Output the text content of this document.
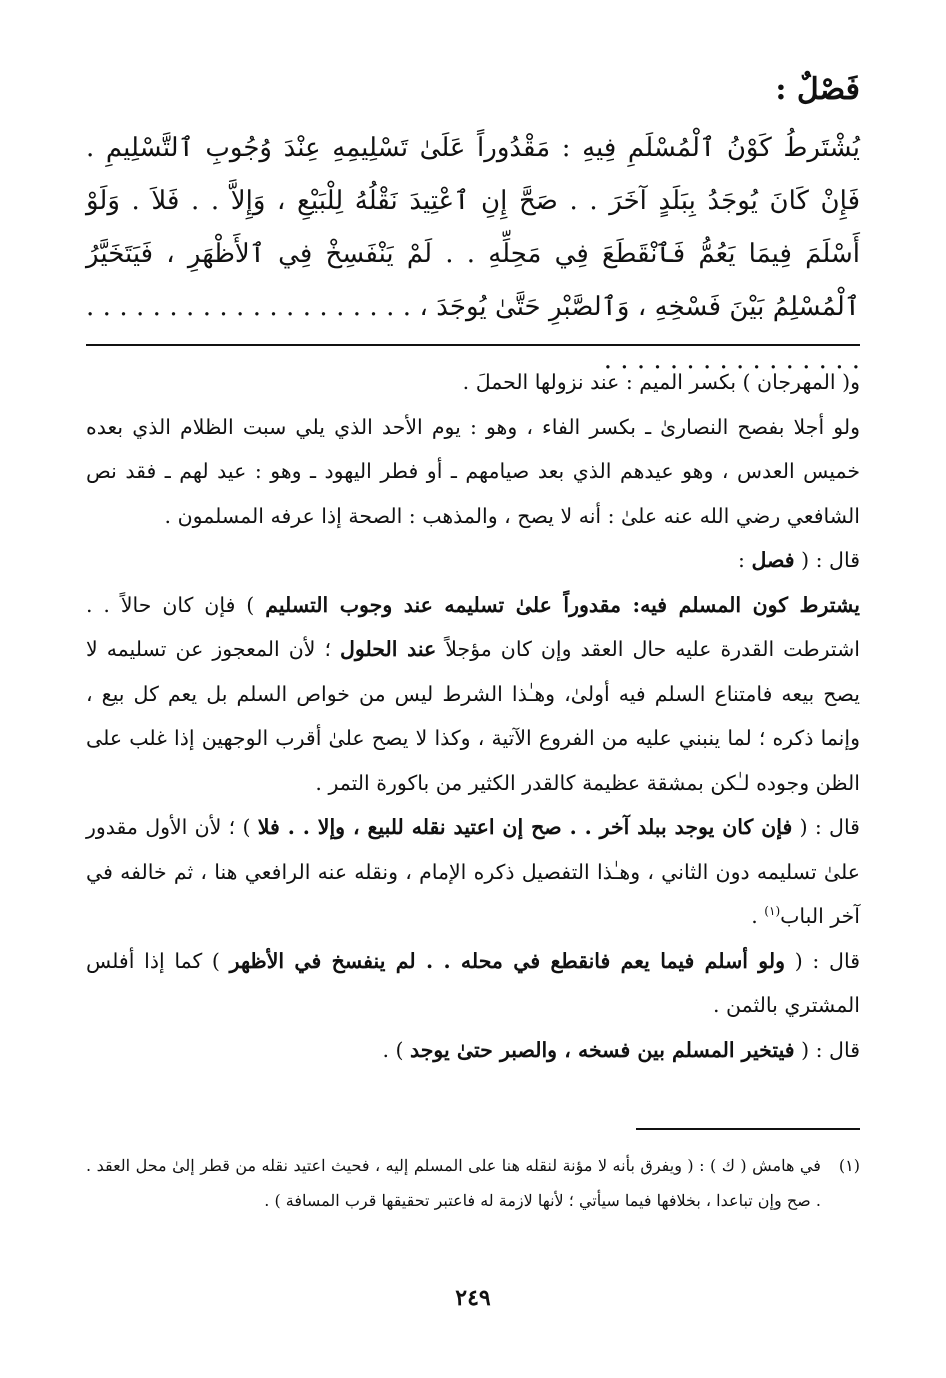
فَصْلٌ :

يُشْتَرطُ كَوْنُ ٱلْمُسْلَمِ فِيهِ : مَقْدُوراً عَلَىٰ تَسْلِيمِهِ عِنْدَ وُجُوبِ ٱلتَّسْلِيمِ . فَإِنْ كَانَ يُوجَدُ بِبَلَدٍ آخَرَ . . صَحَّ إِنِ ٱعْتِيدَ نَقْلُهُ لِلْبَيْعِ ، وَإِلاَّ . . فَلاَ . وَلَوْ أَسْلَمَ فِيمَا يَعُمُّ فَٱنْقَطَعَ فِي مَحِلِّهِ . . لَمْ يَنْفَسِخْ فِي ٱلأَظْهَرِ ، فَيَتَخَيَّرُ ٱلْمُسْلِمُ بَيْنَ فَسْخِهِ ، وَٱلصَّبْرِ حَتَّىٰ يُوجَدَ ، . . . . . . . . . . . . . . . . . . . . . . . . . . . . . . . . . . . .

و( المهرجان ) بكسر الميم : عند نزولها الحملَ .

ولو أجلا بفصح النصارىٰ ـ بكسر الفاء ، وهو : يوم الأحد الذي يلي سبت الظلام الذي بعده خميس العدس ، وهو عيدهم الذي بعد صيامهم ـ أو فطر اليهود ـ وهو : عيد لهم ـ فقد نص الشافعي رضي الله عنه علىٰ : أنه لا يصح ، والمذهب : الصحة إذا عرفه المسلمون .

قال : ( فصل :

يشترط كون المسلم فيه: مقدوراً علىٰ تسليمه عند وجوب التسليم ) فإن كان حالاً . . اشترطت القدرة عليه حال العقد وإن كان مؤجلاً عند الحلول ؛ لأن المعجوز عن تسليمه لا يصح بيعه فامتناع السلم فيه أولىٰ، وهـٰذا الشرط ليس من خواص السلم بل يعم كل بيع ، وإنما ذكره ؛ لما ينبني عليه من الفروع الآتية ، وكذا لا يصح علىٰ أقرب الوجهين إذا غلب على الظن وجوده لـٰكن بمشقة عظيمة كالقدر الكثير من باكورة التمر .

قال : ( فإن كان يوجد ببلد آخر . . صح إن اعتيد نقله للبيع ، وإلا . . فلا ) ؛ لأن الأول مقدور علىٰ تسليمه دون الثاني ، وهـٰذا التفصيل ذكره الإمام ، ونقله عنه الرافعي هنا ، ثم خالفه في آخر الباب$^{(١)}$ .

قال : ( ولو أسلم فيما يعم فانقطع في محله . . لم ينفسخ في الأظهر ) كما إذا أفلس المشتري بالثمن .

قال : ( فيتخير المسلم بين فسخه ، والصبر حتىٰ يوجد ) .

(١)
في هامش ( ك ) : ( ويفرق بأنه لا مؤنة لنقله هنا على المسلم إليه ، فحيث اعتيد نقله من قطر إلىٰ محل العقد . . صح وإن تباعدا ، بخلافها فيما سيأتي ؛ لأنها لازمة له فاعتبر تحقيقها قرب المسافة ) .

٢٤٩
